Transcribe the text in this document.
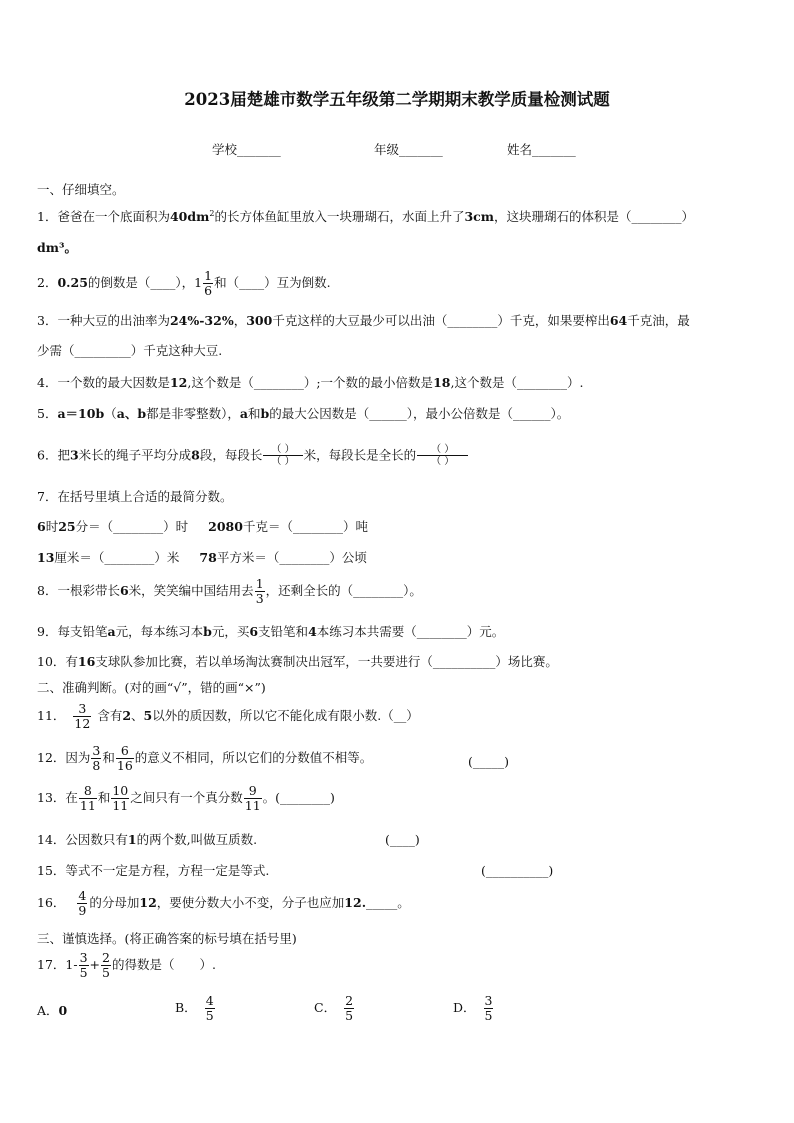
2023届楚雄市数学五年级第二学期期末教学质量检测试题
学校_______	年级_______	姓名_______
一、仔细填空。
1．爸爸在一个底面积为$40dm^2$的长方体鱼缸里放入一块珊瑚石，水面上升了3cm，这块珊瑚石的体积是（________）
dm³。
2．0.25的倒数是（____），$1 \frac{1}{6}$ 和（____）互为倒数.
3．一种大豆的出油率为24%-32%，300千克这样的大豆最少可以出油（________）千克，如果要榨出64千克油，最
少需（_________）千克这种大豆.
4．一个数的最大因数是12,这个数是（________）;一个数的最小倍数是18,这个数是（________）.
5．a＝10b（a、b都是非零整数），a和b的最大公因数是（______），最小公倍数是（______）。
6．把3米长的绳子平均分成8段，每段长 $\frac{( )}{( )}$ 米，每段长是全长的 $\frac{( )}{( )}$
7．在括号里填上合适的最简分数。
6时25分＝（________）时 2080千克＝（________）吨
13厘米＝（________）米 78平方米＝（________）公顷
8．一根彩带长6米，笑笑编中国结用去 $\frac{1}{3}$ ，还剩全长的（________）。
9．每支铅笔a元，每本练习本b元，买6支铅笔和4本练习本共需要（________）元。
10．有16支球队参加比赛，若以单场淘汰赛制决出冠军，一共要进行（__________）场比赛。
二、准确判断。(对的画“√”，错的画“×”)
11． $\frac{3}{12}$ 含有2、5以外的质因数，所以它不能化成有限小数.（__）
12．因为 $\frac{3}{8}$ 和 $\frac{6}{16}$ 的意义不相同，所以它们的分数值不相等。	(_____)
13．在 $\frac{8}{11}$ 和 $\frac{10}{11}$ 之间只有一个真分数 $\frac{9}{11}$ 。(________)
14．公因数只有1的两个数,叫做互质数.	(____)
15．等式不一定是方程，方程一定是等式.	(__________)
16． $\frac{4}{9}$ 的分母加12，要使分数大小不变，分子也应加12._____。
三、谨慎选择。(将正确答案的标号填在括号里)
17．$1- \frac{3}{5} + \frac{2}{5}$ 的得数是（　　）.
A．0	B． $\frac{4}{5}$	C． $\frac{2}{5}$	D． $\frac{3}{5}$
